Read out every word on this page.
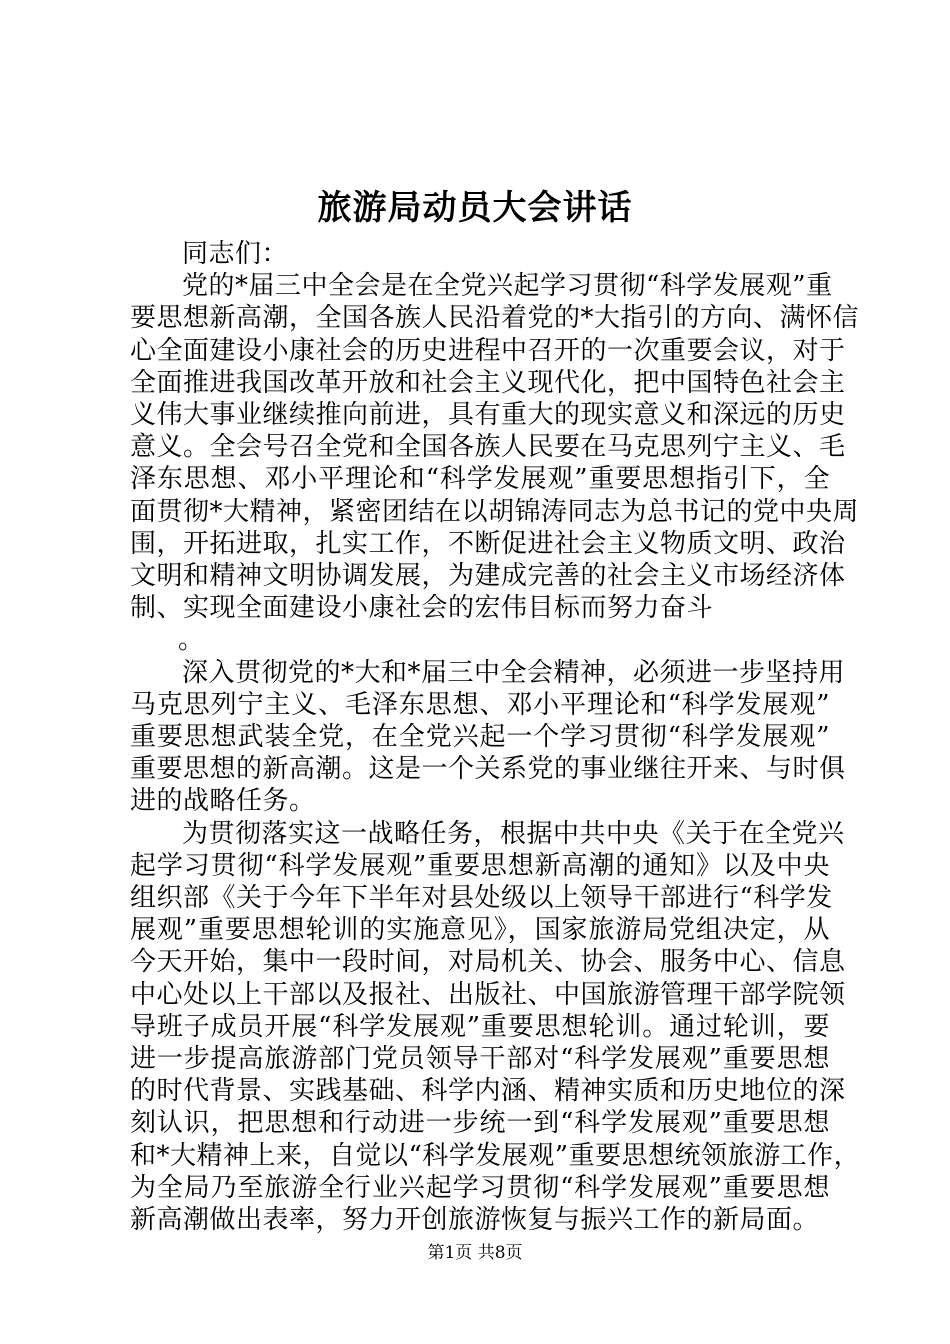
旅游局动员大会讲话
同志们：
党的*届三中全会是在全党兴起学习贯彻“科学发展观”重
要思想新高潮，全国各族人民沿着党的*大指引的方向、满怀信
心全面建设小康社会的历史进程中召开的一次重要会议，对于
全面推进我国改革开放和社会主义现代化，把中国特色社会主
义伟大事业继续推向前进，具有重大的现实意义和深远的历史
意义。全会号召全党和全国各族人民要在马克思列宁主义、毛
泽东思想、邓小平理论和“科学发展观”重要思想指引下，全
面贯彻*大精神，紧密团结在以胡锦涛同志为总书记的党中央周
围，开拓进取，扎实工作，不断促进社会主义物质文明、政治
文明和精神文明协调发展，为建成完善的社会主义市场经济体
制、实现全面建设小康社会的宏伟目标而努力奋斗
。
深入贯彻党的*大和*届三中全会精神，必须进一步坚持用
马克思列宁主义、毛泽东思想、邓小平理论和“科学发展观”
重要思想武装全党，在全党兴起一个学习贯彻“科学发展观”
重要思想的新高潮。这是一个关系党的事业继往开来、与时俱
进的战略任务。
为贯彻落实这一战略任务，根据中共中央《关于在全党兴
起学习贯彻“科学发展观”重要思想新高潮的通知》以及中央
组织部《关于今年下半年对县处级以上领导干部进行“科学发
展观”重要思想轮训的实施意见》，国家旅游局党组决定，从
今天开始，集中一段时间，对局机关、协会、服务中心、信息
中心处以上干部以及报社、出版社、中国旅游管理干部学院领
导班子成员开展“科学发展观”重要思想轮训。通过轮训，要
进一步提高旅游部门党员领导干部对“科学发展观”重要思想
的时代背景、实践基础、科学内涵、精神实质和历史地位的深
刻认识，把思想和行动进一步统一到“科学发展观”重要思想
和*大精神上来，自觉以“科学发展观”重要思想统领旅游工作，
为全局乃至旅游全行业兴起学习贯彻“科学发展观”重要思想
新高潮做出表率，努力开创旅游恢复与振兴工作的新局面。
第1页 共8页
